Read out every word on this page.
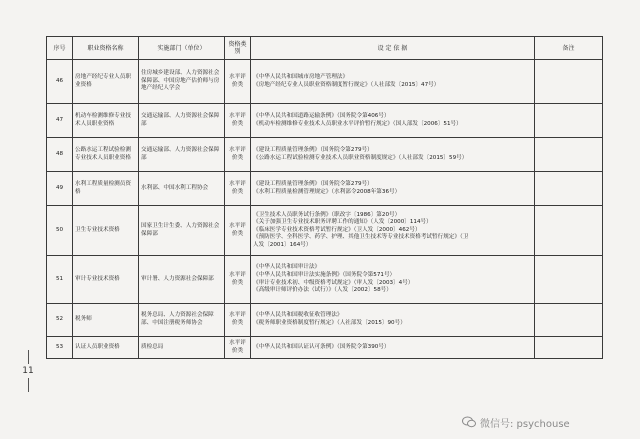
11
序号	职业资格名称	实施部门（单位）	资格类别	设 定 依 据	备注
46	房地产经纪专业人员职业资格	住房城乡建设部、人力资源社会保障部、中国房地产估价师与房地产经纪人学会	水平评价类	《中华人民共和国城市房地产管理法》
《房地产经纪专业人员职业资格制度暂行规定》（人社部发〔2015〕47号）	

47	机动车检测维修专业技术人员职业资格	交通运输部、人力资源社会保障部	水平评价类	《中华人民共和国道路运输条例》（国务院令第406号）
《机动车检测维修专业技术人员职业水平评价暂行规定》（国人部发〔2006〕51号）	

48	公路水运工程试验检测专业技术人员职业资格	交通运输部、人力资源社会保障部	水平评价类	《建设工程质量管理条例》（国务院令第279号）
《公路水运工程试验检测专业技术人员职业资格制度规定》（人社部发〔2015〕59号）	

49	水利工程质量检测员资格	水利部、中国水利工程协会	水平评价类	《建设工程质量管理条例》（国务院令第279号）
《水利工程质量检测管理规定》（水利部令2008年第36号）	

50	卫生专业技术资格	国家卫生计生委、人力资源社会保障部	水平评价类	《卫生技术人员职务试行条例》（职改字〔1986〕第20号）
《关于加强卫生专业技术职务评聘工作的通知》（人发〔2000〕114号）
《临床医学专业技术资格考试暂行规定》（卫人发〔2000〕462号）
《预防医学、全科医学、药学、护理、其他卫生技术等专业技术资格考试暂行规定》（卫
人发〔2001〕164号）	

51	审计专业技术资格	审计署、人力资源社会保障部	水平评价类	《中华人民共和国审计法》
《中华人民共和国审计法实施条例》（国务院令第571号）
《审计专业技术初、中级资格考试规定》（审人发〔2003〕4号）
《高级审计师评价办法（试行）》（人发〔2002〕58号）	

52	税务师	税务总局、人力资源社会保障部、中国注册税务师协会	水平评价类	《中华人民共和国税收征收管理法》
《税务师职业资格制度暂行规定》（人社部发〔2015〕90号）	

53	认证人员职业资格	质检总局	水平评价类	《中华人民共和国认证认可条例》（国务院令第390号）	

微信号: psychouse
